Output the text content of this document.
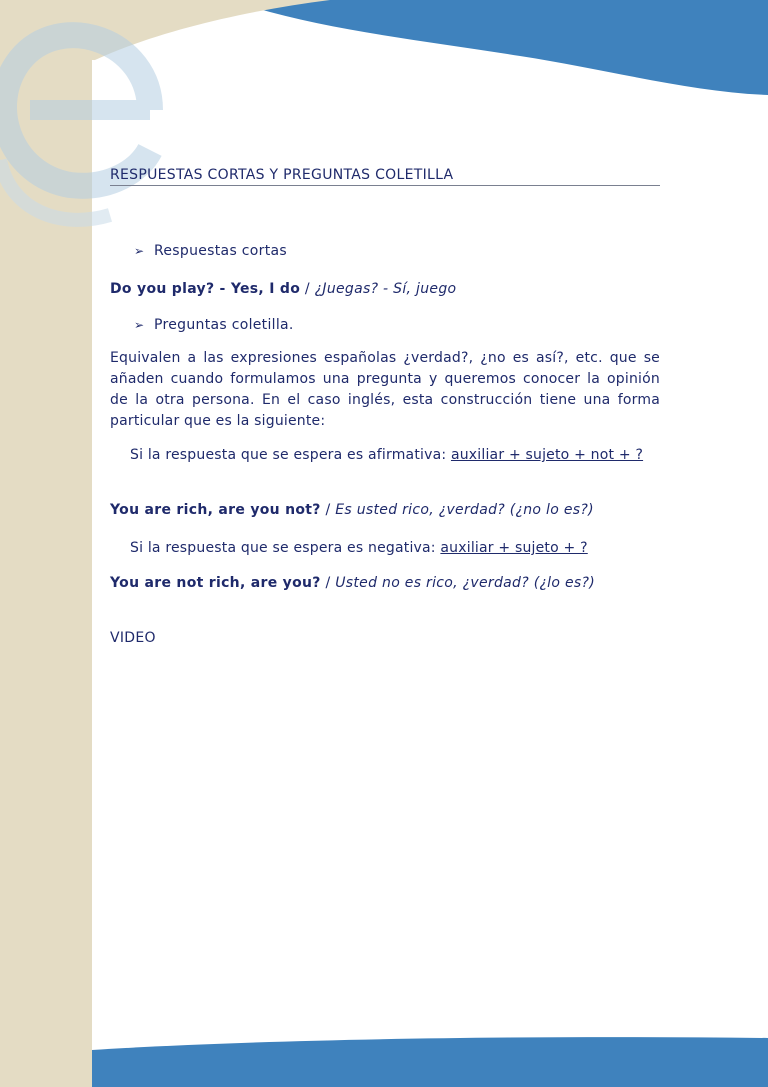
RESPUESTAS CORTAS Y PREGUNTAS COLETILLA
➢ Respuestas cortas
Do you play? - Yes, I do / ¿Juegas? - Sí, juego
➢ Preguntas coletilla.
Equivalen a las expresiones españolas ¿verdad?, ¿no es así?, etc. que se añaden cuando formulamos una pregunta y queremos conocer la opinión de la otra persona. En el caso inglés, esta construcción tiene una forma particular que es la siguiente:
Si la respuesta que se espera es afirmativa: auxiliar + sujeto + not + ?
You are rich, are you not? / Es usted rico, ¿verdad? (¿no lo es?)
Si la respuesta que se espera es negativa: auxiliar + sujeto + ?
You are not rich, are you? / Usted no es rico, ¿verdad? (¿lo es?)
VIDEO
